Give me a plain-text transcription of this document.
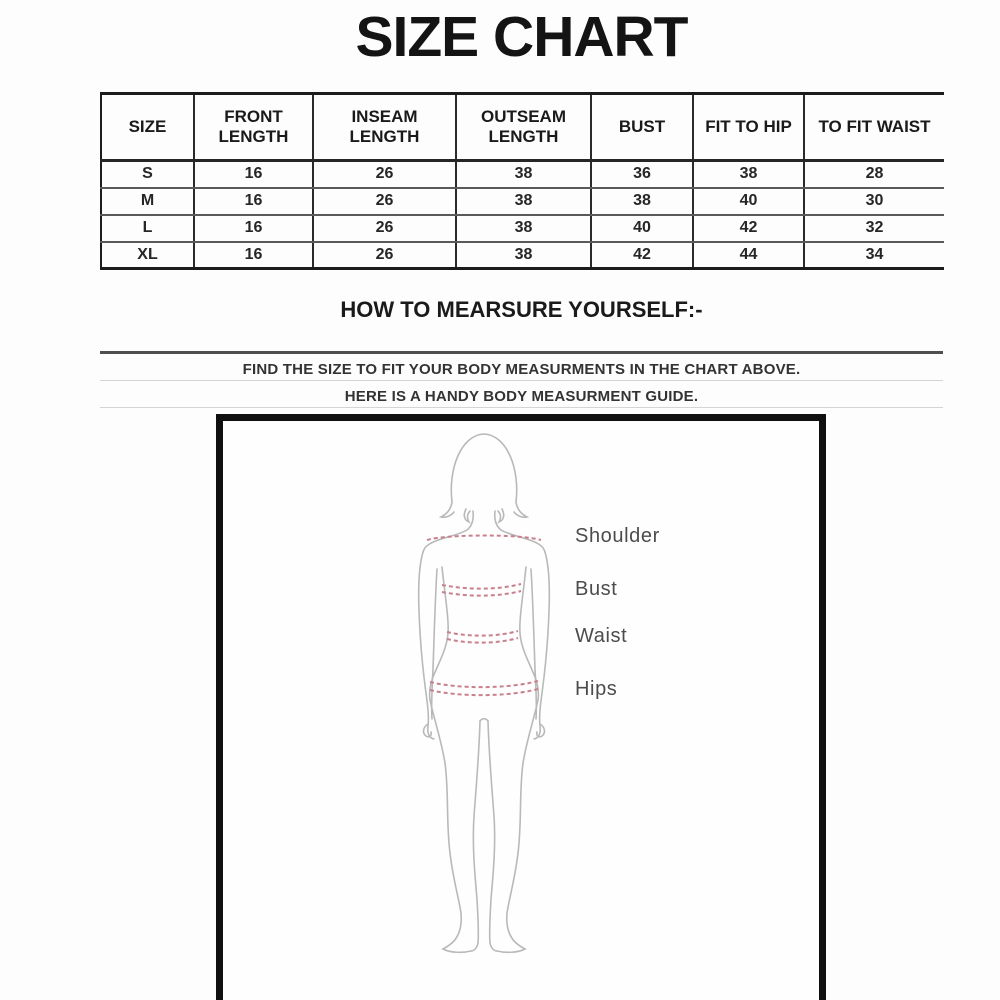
SIZE CHART
SIZE	FRONT LENGTH	INSEAM LENGTH	OUTSEAM LENGTH	BUST	FIT TO HIP	TO FIT WAIST
S	16	26	38	36	38	28
M	16	26	38	38	40	30
L	16	26	38	40	42	32
XL	16	26	38	42	44	34
HOW TO MEARSURE YOURSELF:-
FIND THE SIZE TO FIT YOUR BODY MEASURMENTS IN THE CHART ABOVE.
HERE IS A HANDY BODY MEASURMENT GUIDE.
Shoulder
Bust
Waist
Hips
